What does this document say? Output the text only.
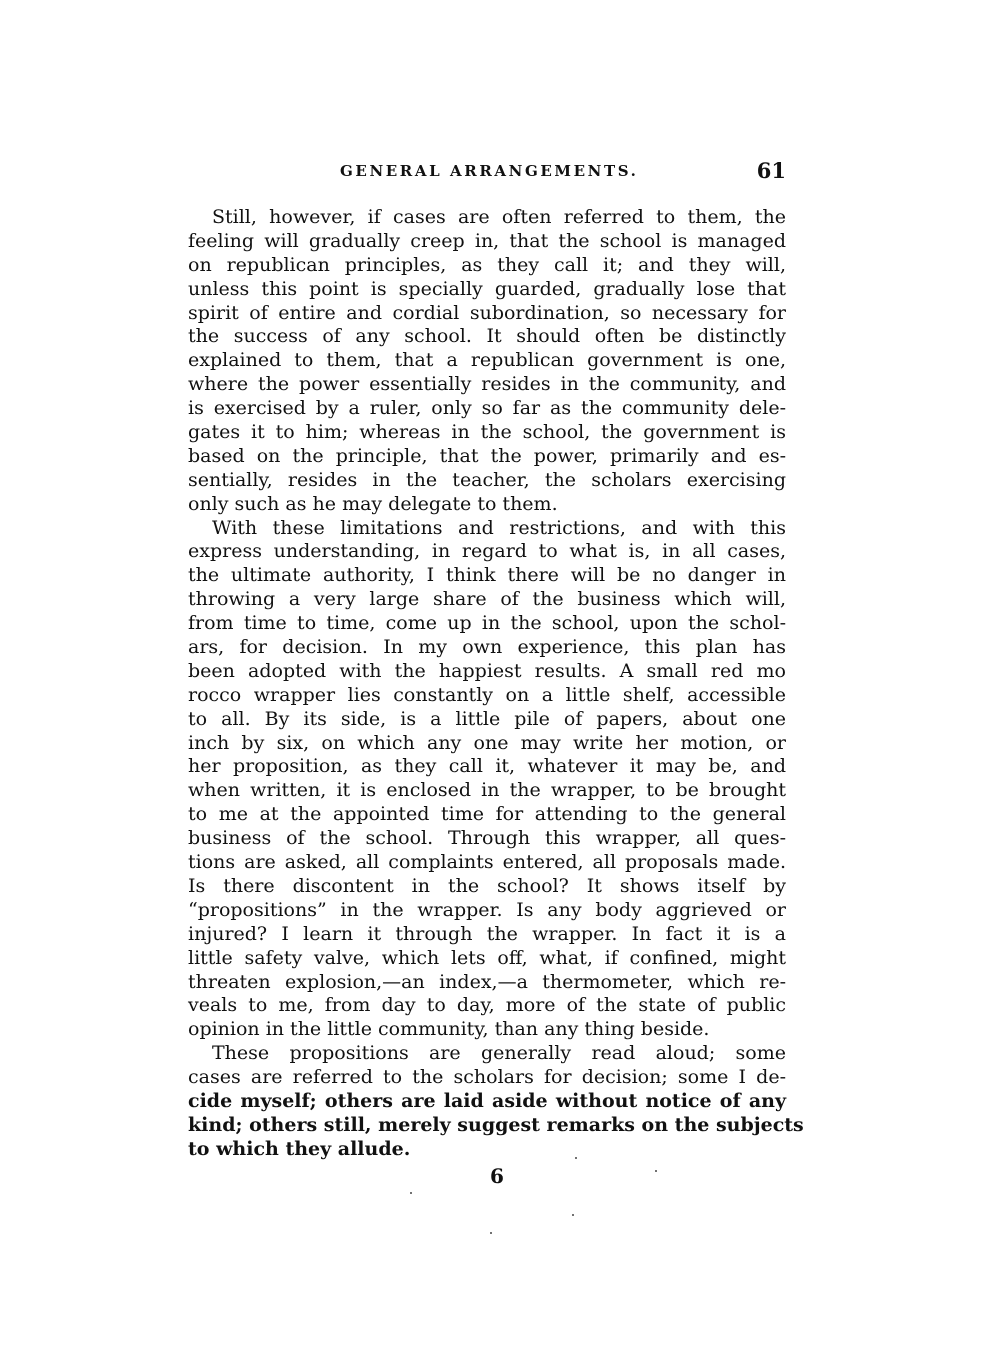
GENERAL ARRANGEMENTS.	61
Still, however, if cases are often referred to them, the
feeling will gradually creep in, that the school is managed
on republican principles, as they call it; and they will,
unless this point is specially guarded, gradually lose that
spirit of entire and cordial subordination, so necessary for
the success of any school. It should often be distinctly
explained to them, that a republican government is one,
where the power essentially resides in the community, and
is exercised by a ruler, only so far as the community dele-
gates it to him; whereas in the school, the government is
based on the principle, that the power, primarily and es-
sentially, resides in the teacher, the scholars exercising
only such as he may delegate to them.
With these limitations and restrictions, and with this
express understanding, in regard to what is, in all cases,
the ultimate authority, I think there will be no danger in
throwing a very large share of the business which will,
from time to time, come up in the school, upon the schol-
ars, for decision. In my own experience, this plan has
been adopted with the happiest results. A small red mo
rocco wrapper lies constantly on a little shelf, accessible
to all. By its side, is a little pile of papers, about one
inch by six, on which any one may write her motion, or
her proposition, as they call it, whatever it may be, and
when written, it is enclosed in the wrapper, to be brought
to me at the appointed time for attending to the general
business of the school. Through this wrapper, all ques-
tions are asked, all complaints entered, all proposals made.
Is there discontent in the school? It shows itself by
“propositions” in the wrapper. Is any body aggrieved or
injured? I learn it through the wrapper. In fact it is a
little safety valve, which lets off, what, if confined, might
threaten explosion,—an index,—a thermometer, which re-
veals to me, from day to day, more of the state of public
opinion in the little community, than any thing beside.
These propositions are generally read aloud; some
cases are referred to the scholars for decision; some I de-
cide myself; others are laid aside without notice of any
kind; others still, merely suggest remarks on the subjects
to which they allude.
6
